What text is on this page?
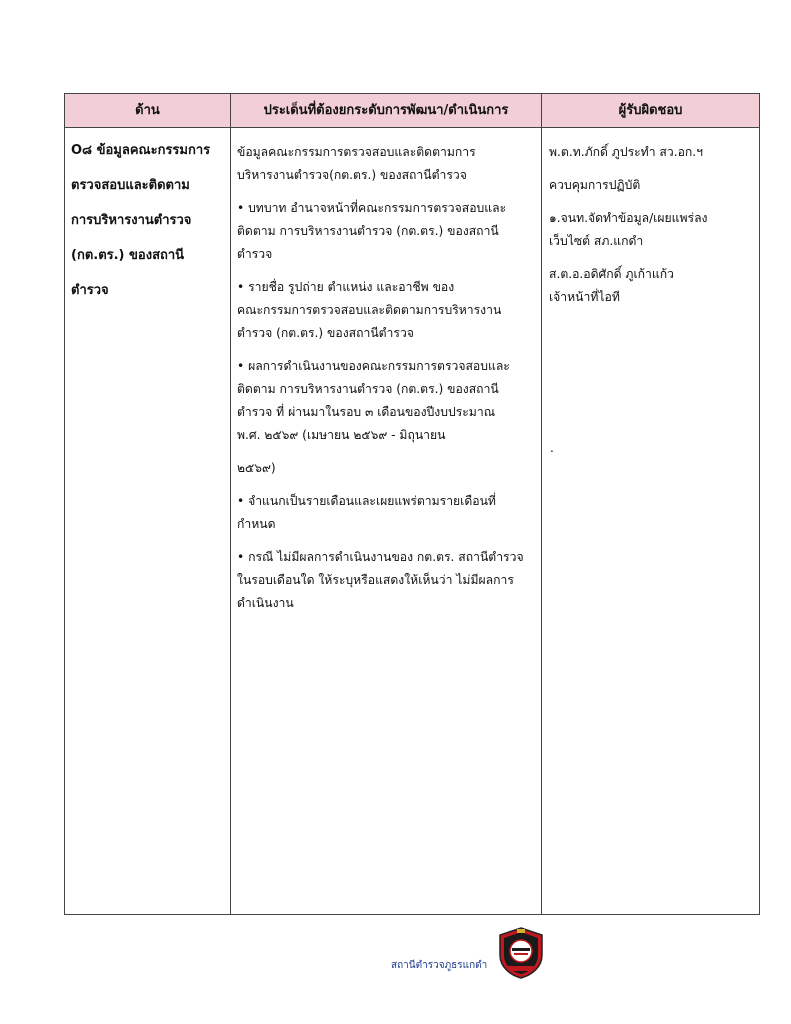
ด้าน	ประเด็นที่ต้องยกระดับการพัฒนา/ดำเนินการ	ผู้รับผิดชอบ
O๘ ข้อมูลคณะกรรมการ
ตรวจสอบและติดตาม
การบริหารงานตำรวจ
(กต.ตร.) ของสถานี
ตำรวจ

ข้อมูลคณะกรรมการตรวจสอบและติดตามการ
บริหารงานตำรวจ(กต.ตร.) ของสถานีตำรวจ

• บทบาท อำนาจหน้าที่คณะกรรมการตรวจสอบและ
ติดตาม การบริหารงานตำรวจ (กต.ตร.) ของสถานี
ตำรวจ

• รายชื่อ รูปถ่าย ตำแหน่ง และอาชีพ ของ
คณะกรรมการตรวจสอบและติดตามการบริหารงาน
ตำรวจ (กต.ตร.) ของสถานีตำรวจ

• ผลการดำเนินงานของคณะกรรมการตรวจสอบและ
ติดตาม การบริหารงานตำรวจ (กต.ตร.) ของสถานี
ตำรวจ ที่ ผ่านมาในรอบ ๓ เดือนของปีงบประมาณ
พ.ศ. ๒๕๖๙ (เมษายน ๒๕๖๙ - มิถุนายน

๒๕๖๙)

• จำแนกเป็นรายเดือนและเผยแพร่ตามรายเดือนที่
กำหนด

• กรณี ไม่มีผลการดำเนินงานของ กต.ตร. สถานีตำรวจ
ในรอบเดือนใด ให้ระบุหรือแสดงให้เห็นว่า ไม่มีผลการ
ดำเนินงาน

พ.ต.ท.ภักดิ์ ภูประทำ สว.อก.ฯ

ควบคุมการปฏิบัติ

๑.จนท.จัดทำข้อมูล/เผยแพร่ลง
เว็บไซต์ สภ.แกดำ

ส.ต.อ.อดิศักดิ์ ภูเก้าแก้ว
เจ้าหน้าที่ไอที

.
สถานีตำรวจภูธรแกดำ
